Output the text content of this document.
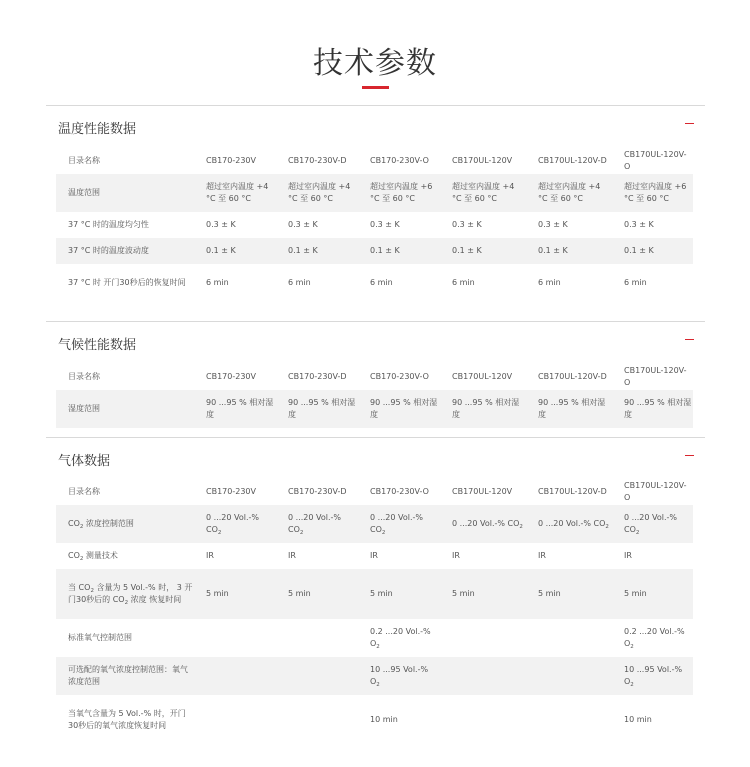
技术参数
温度性能数据
目录名称	CB170-230V	CB170-230V-D	CB170-230V-O	CB170UL-120V	CB170UL-120V-D	CB170UL-120V-O
温度范围	超过室内温度 +4 °C 至 60 °C	超过室内温度 +4 °C 至 60 °C	超过室内温度 +6 °C 至 60 °C	超过室内温度 +4 °C 至 60 °C	超过室内温度 +4 °C 至 60 °C	超过室内温度 +6 °C 至 60 °C
37 °C 时的温度均匀性	0.3 ± K	0.3 ± K	0.3 ± K	0.3 ± K	0.3 ± K	0.3 ± K
37 °C 时的温度波动度	0.1 ± K	0.1 ± K	0.1 ± K	0.1 ± K	0.1 ± K	0.1 ± K
37 °C 时 开门30秒后的恢复时间	6 min	6 min	6 min	6 min	6 min	6 min
气候性能数据
目录名称	CB170-230V	CB170-230V-D	CB170-230V-O	CB170UL-120V	CB170UL-120V-D	CB170UL-120V-O
湿度范围	90 ...95 % 相对湿度	90 ...95 % 相对湿度	90 ...95 % 相对湿度	90 ...95 % 相对湿度	90 ...95 % 相对湿度	90 ...95 % 相对湿度
气体数据
目录名称	CB170-230V	CB170-230V-D	CB170-230V-O	CB170UL-120V	CB170UL-120V-D	CB170UL-120V-O
$CO_2$ 浓度控制范围	0 ...20 Vol.-% $CO_2$	0 ...20 Vol.-% $CO_2$	0 ...20 Vol.-% $CO_2$	0 ...20 Vol.-% $CO_2$	0 ...20 Vol.-% $CO_2$	0 ...20 Vol.-% $CO_2$
$CO_2$ 测量技术	IR	IR	IR	IR	IR	IR
当 $CO_2$ 含量为 5 Vol.-% 时， 3 开门30秒后的 $CO_2$ 浓度 恢复时间	5 min	5 min	5 min	5 min	5 min	5 min
标准氧气控制范围			0.2 ...20 Vol.-% $O_2$			0.2 ...20 Vol.-% $O_2$
可选配的氧气浓度控制范围：氧气浓度范围			10 ...95 Vol.-% $O_2$			10 ...95 Vol.-% $O_2$
当氧气含量为 5 Vol.-% 时，开门30秒后的氧气浓度恢复时间			10 min			10 min
